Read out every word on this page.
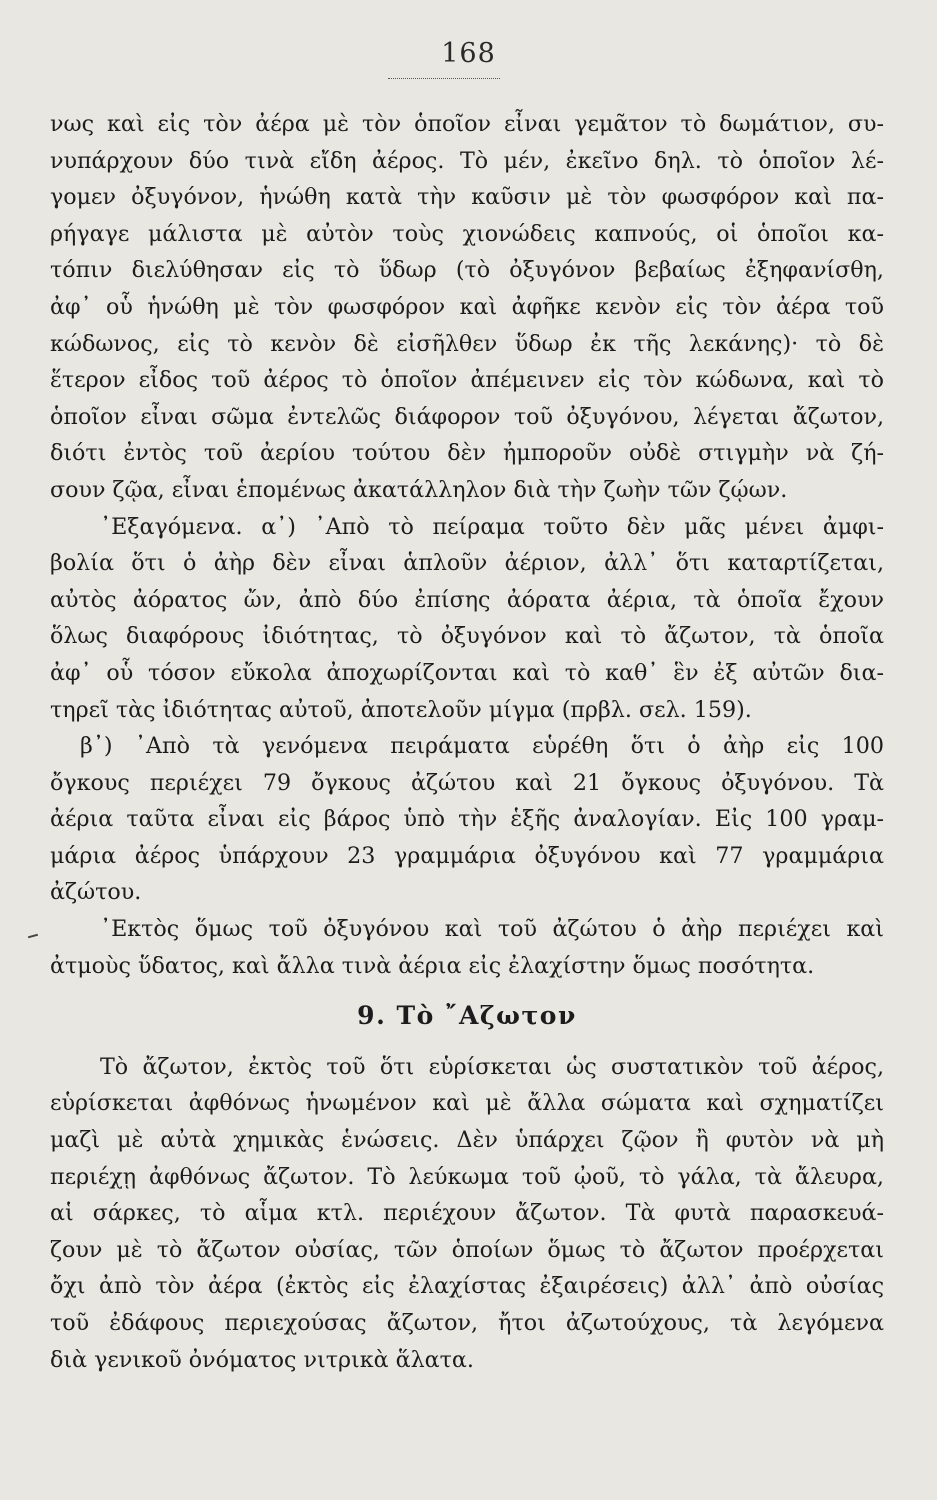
168
νως καὶ εἰς τὸν ἀέρα μὲ τὸν ὁποῖον εἶναι γεμᾶτον τὸ δωμάτιον, συ-
νυπάρχουν δύο τινὰ εἴδη ἀέρος. Τὸ μέν, ἐκεῖνο δηλ. τὸ ὁποῖον λέ-
γομεν ὀξυγόνον, ἡνώθη κατὰ τὴν καῦσιν μὲ τὸν φωσφόρον καὶ πα-
ρήγαγε μάλιστα μὲ αὐτὸν τοὺς χιονώδεις καπνούς, οἱ ὁποῖοι κα-
τόπιν διελύθησαν εἰς τὸ ὕδωρ (τὸ ὀξυγόνον βεβαίως ἐξηφανίσθη,
ἀφ᾽ οὗ ἡνώθη μὲ τὸν φωσφόρον καὶ ἀφῆκε κενὸν εἰς τὸν ἀέρα τοῦ
κώδωνος, εἰς τὸ κενὸν δὲ εἰσῆλθεν ὕδωρ ἐκ τῆς λεκάνης)· τὸ δὲ
ἕτερον εἶδος τοῦ ἀέρος τὸ ὁποῖον ἀπέμεινεν εἰς τὸν κώδωνα, καὶ τὸ
ὁποῖον εἶναι σῶμα ἐντελῶς διάφορον τοῦ ὀξυγόνου, λέγεται ἄζωτον,
διότι ἐντὸς τοῦ ἀερίου τούτου δὲν ἠμποροῦν οὐδὲ στιγμὴν νὰ ζή-
σουν ζῷα, εἶναι ἑπομένως ἀκατάλληλον διὰ τὴν ζωὴν τῶν ζῴων.
᾿Εξαγόμενα. α᾽) ᾿Απὸ τὸ πείραμα τοῦτο δὲν μᾶς μένει ἀμφι-
βολία ὅτι ὁ ἀὴρ δὲν εἶναι ἁπλοῦν ἀέριον, ἀλλ᾽ ὅτι καταρτίζεται,
αὐτὸς ἀόρατος ὤν, ἀπὸ δύο ἐπίσης ἀόρατα ἀέρια, τὰ ὁποῖα ἔχουν
ὅλως διαφόρους ἰδιότητας, τὸ ὀξυγόνον καὶ τὸ ἄζωτον, τὰ ὁποῖα
ἀφ᾽ οὗ τόσον εὔκολα ἀποχωρίζονται καὶ τὸ καθ᾽ ἓν ἐξ αὐτῶν δια-
τηρεῖ τὰς ἰδιότητας αὐτοῦ, ἀποτελοῦν μίγμα (πρβλ. σελ. 159).
β᾽) ᾿Απὸ τὰ γενόμενα πειράματα εὑρέθη ὅτι ὁ ἀὴρ εἰς 100
ὄγκους περιέχει 79 ὄγκους ἀζώτου καὶ 21 ὄγκους ὀξυγόνου. Τὰ
ἀέρια ταῦτα εἶναι εἰς βάρος ὑπὸ τὴν ἑξῆς ἀναλογίαν. Εἰς 100 γραμ-
μάρια ἀέρος ὑπάρχουν 23 γραμμάρια ὀξυγόνου καὶ 77 γραμμάρια
ἀζώτου.
᾿Εκτὸς ὅμως τοῦ ὀξυγόνου καὶ τοῦ ἀζώτου ὁ ἀὴρ περιέχει καὶ
ἀτμοὺς ὕδατος, καὶ ἄλλα τινὰ ἀέρια εἰς ἐλαχίστην ὅμως ποσότητα.
9. Τὸ ῎Αζωτον
Τὸ ἄζωτον, ἐκτὸς τοῦ ὅτι εὑρίσκεται ὡς συστατικὸν τοῦ ἀέρος,
εὑρίσκεται ἀφθόνως ἡνωμένον καὶ μὲ ἄλλα σώματα καὶ σχηματίζει
μαζὶ μὲ αὐτὰ χημικὰς ἑνώσεις. Δὲν ὑπάρχει ζῷον ἢ φυτὸν νὰ μὴ
περιέχῃ ἀφθόνως ἄζωτον. Τὸ λεύκωμα τοῦ ᾠοῦ, τὸ γάλα, τὰ ἄλευρα,
αἱ σάρκες, τὸ αἷμα κτλ. περιέχουν ἄζωτον. Τὰ φυτὰ παρασκευά-
ζουν μὲ τὸ ἄζωτον οὐσίας, τῶν ὁποίων ὅμως τὸ ἄζωτον προέρχεται
ὄχι ἀπὸ τὸν ἀέρα (ἐκτὸς εἰς ἐλαχίστας ἐξαιρέσεις) ἀλλ᾽ ἀπὸ οὐσίας
τοῦ ἐδάφους περιεχούσας ἄζωτον, ἤτοι ἀζωτούχους, τὰ λεγόμενα
διὰ γενικοῦ ὀνόματος νιτρικὰ ἅλατα.
